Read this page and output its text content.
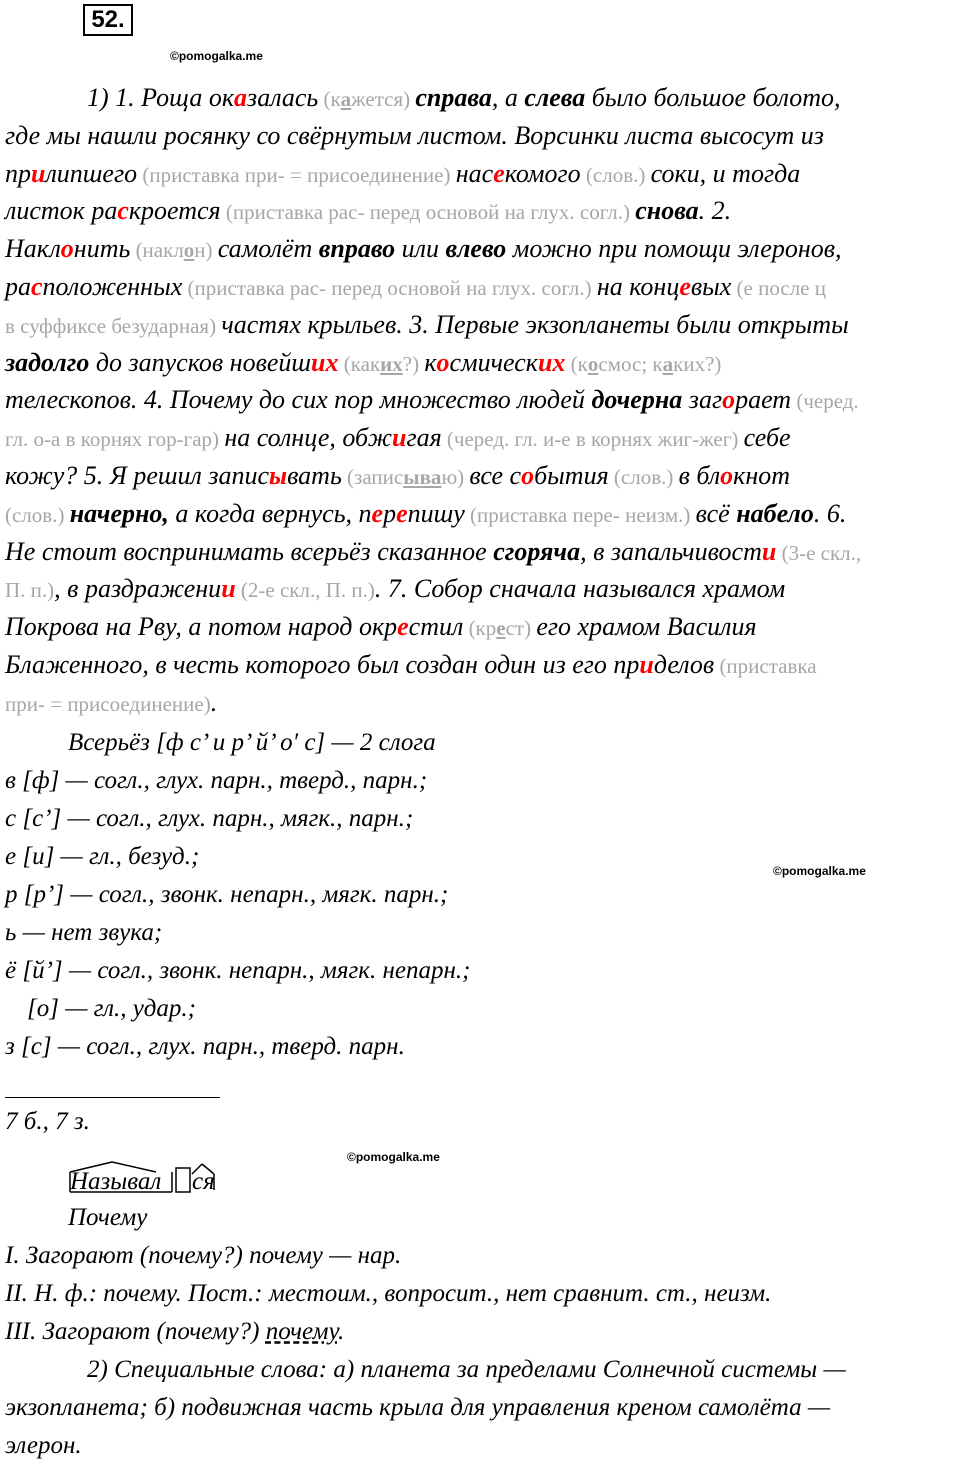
52.
©pomogalka.me
©pomogalka.me
©pomogalka.me
1) 1. Роща оказалась (кажется) справа, а слева было большое болото,
где мы нашли росянку со свёрнутым листом. Ворсинки листа высосут из
прилипшего (приставка при- = присоединение) насекомого (слов.) соки, и тогда
листок раскроется (приставка рас- перед основой на глух. согл.) снова. 2.
Наклонить (наклон) самолёт вправо или влево можно при помощи элеронов,
расположенных (приставка рас- перед основой на глух. согл.) на концевых (е после ц
в суффиксе безударная) частях крыльев. 3. Первые экзопланеты были открыты
задолго до запусков новейших (каких?) космических (космос; каких?)
телескопов. 4. Почему до сих пор множество людей дочерна загорает (черед.
гл. о-а в корнях гор-гар) на солнце, обжигая (черед. гл. и-е в корнях жиг-жег) себе
кожу? 5. Я решил записывать (записываю) все события (слов.) в блокнот
(слов.) начерно, а когда вернусь, перепишу (приставка пере- неизм.) всё набело. 6.
Не стоит воспринимать всерьёз сказанное сгоряча, в запальчивости (3-е скл.,
П. п.), в раздражении (2-е скл., П. п.). 7. Собор сначала назывался храмом
Покрова на Рву, а потом народ окрестил (крест) его храмом Василия
Блаженного, в честь которого был создан один из его приделов (приставка
при- = присоединение).
Всерьёз [ф с’ и р’ й’ о′ с] — 2 слога
в [ф] — согл., глух. парн., тверд., парн.;
с [с’] — согл., глух. парн., мягк., парн.;
е [и] — гл., безуд.;
р [р’] — согл., звонк. непарн., мягк. парн.;
ь — нет звука;
ё [й’] — согл., звонк. непарн., мягк. непарн.;
[о] — гл., удар.;
з [с] — согл., глух. парн., тверд. парн.
7 б., 7 з.
Называл ся
Почему
I. Загорают (почему?) почему — нар.
II. Н. ф.: почему. Пост.: местоим., вопросит., нет сравнит. ст., неизм.
III. Загорают (почему?) почему.
2) Специальные слова: а) планета за пределами Солнечной системы —
экзопланета; б) подвижная часть крыла для управления креном самолёта —
элерон.
